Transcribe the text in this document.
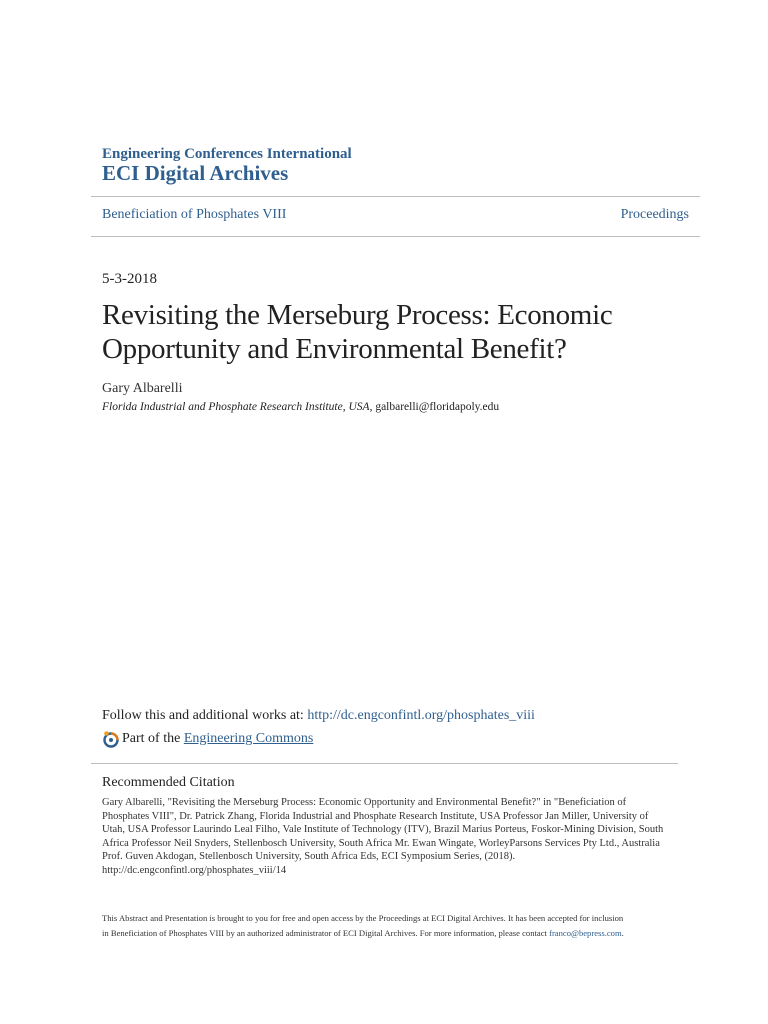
Engineering Conferences International
ECI Digital Archives
Beneficiation of Phosphates VIII	Proceedings
5-3-2018
Revisiting the Merseburg Process: Economic
Opportunity and Environmental Benefit?
Gary Albarelli
Florida Industrial and Phosphate Research Institute, USA, galbarelli@floridapoly.edu
Follow this and additional works at: http://dc.engconfintl.org/phosphates_viii
Part of the
Engineering Commons
Recommended Citation
Gary Albarelli, "Revisiting the Merseburg Process: Economic Opportunity and Environmental Benefit?" in "Beneficiation of Phosphates VIII", Dr. Patrick Zhang, Florida Industrial and Phosphate Research Institute, USA Professor Jan Miller, University of Utah, USA Professor Laurindo Leal Filho, Vale Institute of Technology (ITV), Brazil Marius Porteus, Foskor-Mining Division, South Africa Professor Neil Snyders, Stellenbosch University, South Africa Mr. Ewan Wingate, WorleyParsons Services Pty Ltd., Australia Prof. Guven Akdogan, Stellenbosch University, South Africa Eds, ECI Symposium Series, (2018). http://dc.engconfintl.org/phosphates_viii/14
This Abstract and Presentation is brought to you for free and open access by the Proceedings at ECI Digital Archives. It has been accepted for inclusion
in Beneficiation of Phosphates VIII by an authorized administrator of ECI Digital Archives. For more information, please contact franco@bepress.com.
